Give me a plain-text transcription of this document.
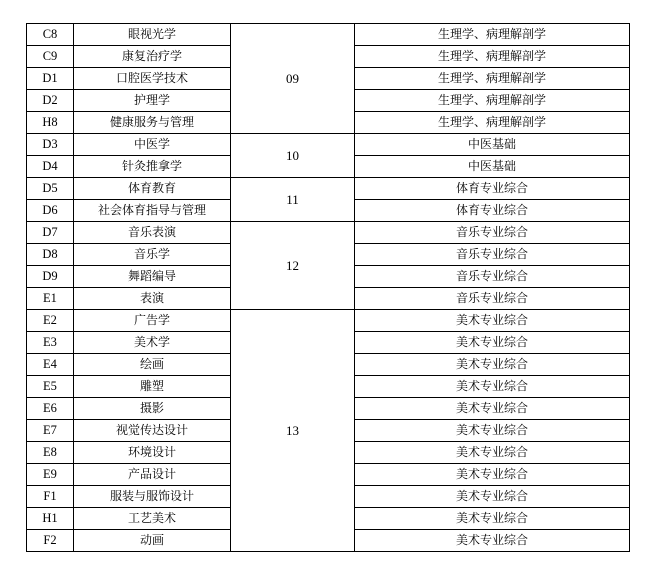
C8	眼视光学	09	生理学、病理解剖学
C9	康复治疗学		生理学、病理解剖学
D1	口腔医学技术		生理学、病理解剖学
D2	护理学		生理学、病理解剖学
H8	健康服务与管理		生理学、病理解剖学
D3	中医学	10	中医基础
D4	针灸推拿学		中医基础
D5	体育教育	11	体育专业综合
D6	社会体育指导与管理		体育专业综合
D7	音乐表演	12	音乐专业综合
D8	音乐学		音乐专业综合
D9	舞蹈编导		音乐专业综合
E1	表演		音乐专业综合
E2	广告学	13	美术专业综合
E3	美术学		美术专业综合
E4	绘画		美术专业综合
E5	雕塑		美术专业综合
E6	摄影		美术专业综合
E7	视觉传达设计		美术专业综合
E8	环境设计		美术专业综合
E9	产品设计		美术专业综合
F1	服装与服饰设计		美术专业综合
H1	工艺美术		美术专业综合
F2	动画		美术专业综合
